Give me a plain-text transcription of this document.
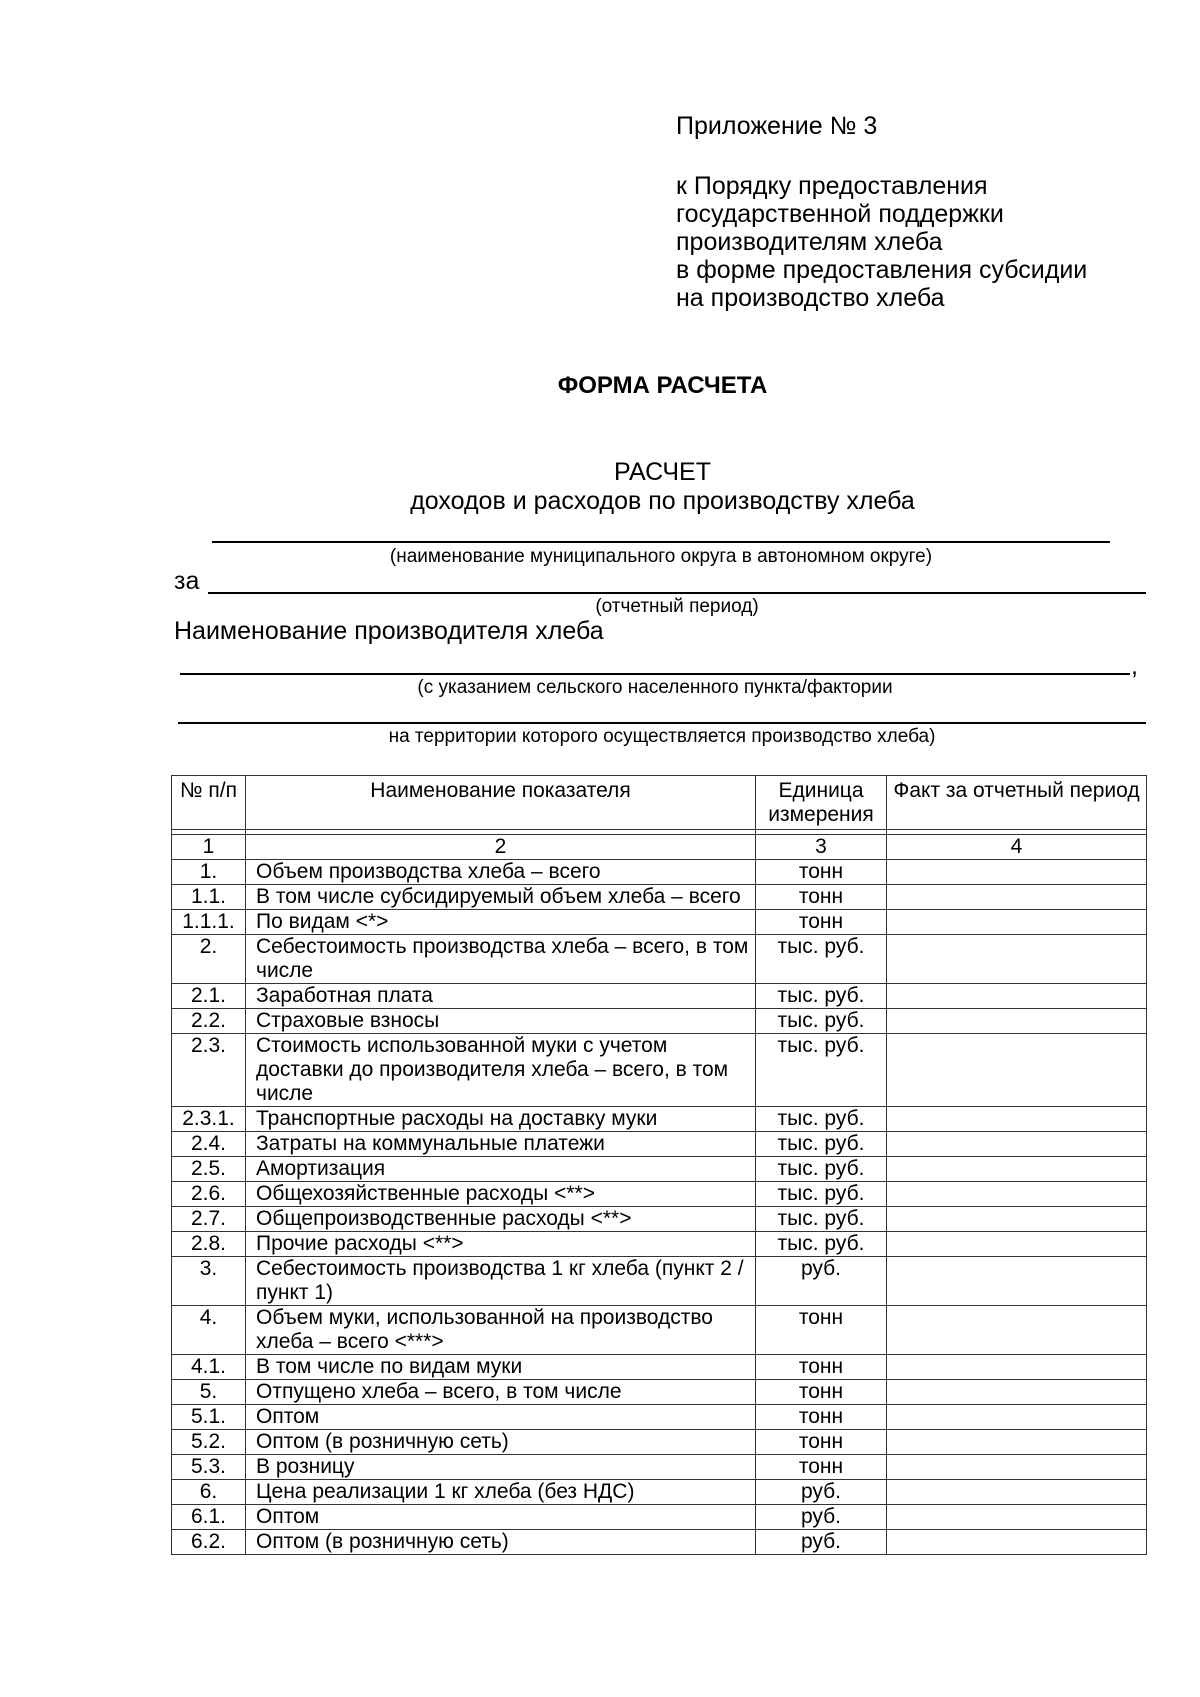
Приложение № 3
к Порядку предоставления
государственной поддержки
производителям хлеба
в форме предоставления субсидии
на производство хлеба
ФОРМА РАСЧЕТА
РАСЧЕТ
доходов и расходов по производству хлеба
(наименование муниципального округа в автономном округе)
за
(отчетный период)
Наименование производителя хлеба
,
(с указанием сельского населенного пункта/фактории
на территории которого осуществляется производство хлеба)
№ п/п	Наименование показателя	Единица измерения	Факт за отчетный период

1	2	3	4
1.	Объем производства хлеба – всего	тонн	
1.1.	В том числе субсидируемый объем хлеба – всего	тонн	
1.1.1.	По видам <*>	тонн	
2.	Себестоимость производства хлеба – всего, в том числе	тыс. руб.	
2.1.	Заработная плата	тыс. руб.	
2.2.	Страховые взносы	тыс. руб.	
2.3.	Стоимость использованной муки с учетом доставки до производителя хлеба – всего, в том числе	тыс. руб.	
2.3.1.	Транспортные расходы на доставку муки	тыс. руб.	
2.4.	Затраты на коммунальные платежи	тыс. руб.	
2.5.	Амортизация	тыс. руб.	
2.6.	Общехозяйственные расходы <**>	тыс. руб.	
2.7.	Общепроизводственные расходы <**>	тыс. руб.	
2.8.	Прочие расходы <**>	тыс. руб.	
3.	Себестоимость производства 1 кг хлеба (пункт 2 / пункт 1)	руб.	
4.	Объем муки, использованной на производство хлеба – всего <***>	тонн	
4.1.	В том числе по видам муки	тонн	
5.	Отпущено хлеба – всего, в том числе	тонн	
5.1.	Оптом	тонн	
5.2.	Оптом (в розничную сеть)	тонн	
5.3.	В розницу	тонн	
6.	Цена реализации 1 кг хлеба (без НДС)	руб.	
6.1.	Оптом	руб.	
6.2.	Оптом (в розничную сеть)	руб.	
